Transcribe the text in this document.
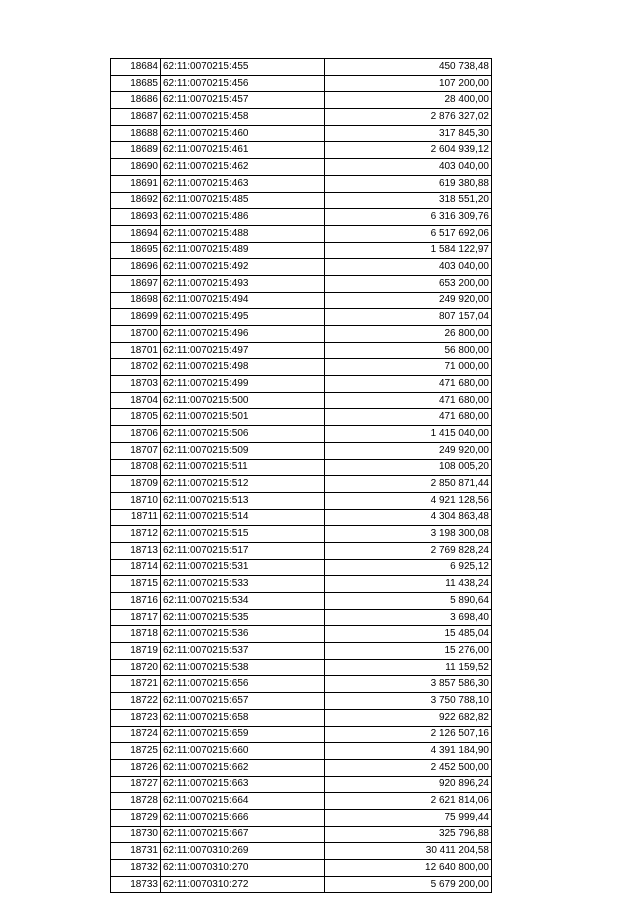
18684	62:11:0070215:455	450 738,48
18685	62:11:0070215:456	107 200,00
18686	62:11:0070215:457	28 400,00
18687	62:11:0070215:458	2 876 327,02
18688	62:11:0070215:460	317 845,30
18689	62:11:0070215:461	2 604 939,12
18690	62:11:0070215:462	403 040,00
18691	62:11:0070215:463	619 380,88
18692	62:11:0070215:485	318 551,20
18693	62:11:0070215:486	6 316 309,76
18694	62:11:0070215:488	6 517 692,06
18695	62:11:0070215:489	1 584 122,97
18696	62:11:0070215:492	403 040,00
18697	62:11:0070215:493	653 200,00
18698	62:11:0070215:494	249 920,00
18699	62:11:0070215:495	807 157,04
18700	62:11:0070215:496	26 800,00
18701	62:11:0070215:497	56 800,00
18702	62:11:0070215:498	71 000,00
18703	62:11:0070215:499	471 680,00
18704	62:11:0070215:500	471 680,00
18705	62:11:0070215:501	471 680,00
18706	62:11:0070215:506	1 415 040,00
18707	62:11:0070215:509	249 920,00
18708	62:11:0070215:511	108 005,20
18709	62:11:0070215:512	2 850 871,44
18710	62:11:0070215:513	4 921 128,56
18711	62:11:0070215:514	4 304 863,48
18712	62:11:0070215:515	3 198 300,08
18713	62:11:0070215:517	2 769 828,24
18714	62:11:0070215:531	6 925,12
18715	62:11:0070215:533	11 438,24
18716	62:11:0070215:534	5 890,64
18717	62:11:0070215:535	3 698,40
18718	62:11:0070215:536	15 485,04
18719	62:11:0070215:537	15 276,00
18720	62:11:0070215:538	11 159,52
18721	62:11:0070215:656	3 857 586,30
18722	62:11:0070215:657	3 750 788,10
18723	62:11:0070215:658	922 682,82
18724	62:11:0070215:659	2 126 507,16
18725	62:11:0070215:660	4 391 184,90
18726	62:11:0070215:662	2 452 500,00
18727	62:11:0070215:663	920 896,24
18728	62:11:0070215:664	2 621 814,06
18729	62:11:0070215:666	75 999,44
18730	62:11:0070215:667	325 796,88
18731	62:11:0070310:269	30 411 204,58
18732	62:11:0070310:270	12 640 800,00
18733	62:11:0070310:272	5 679 200,00
